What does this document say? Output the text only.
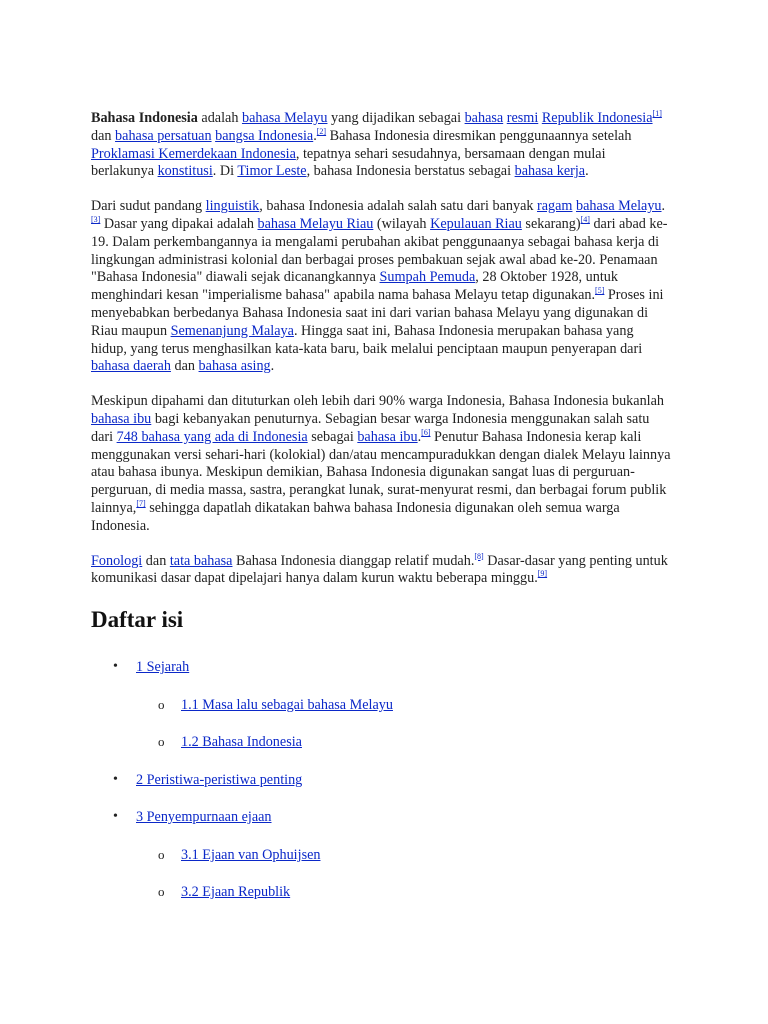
Bahasa Indonesia adalah bahasa Melayu yang dijadikan sebagai bahasa resmi Republik Indonesia[1] dan bahasa persatuan bangsa Indonesia.[2] Bahasa Indonesia diresmikan penggunaannya setelah Proklamasi Kemerdekaan Indonesia, tepatnya sehari sesudahnya, bersamaan dengan mulai berlakunya konstitusi. Di Timor Leste, bahasa Indonesia berstatus sebagai bahasa kerja.

Dari sudut pandang linguistik, bahasa Indonesia adalah salah satu dari banyak ragam bahasa Melayu.[3] Dasar yang dipakai adalah bahasa Melayu Riau (wilayah Kepulauan Riau sekarang)[4] dari abad ke-19. Dalam perkembangannya ia mengalami perubahan akibat penggunaanya sebagai bahasa kerja di lingkungan administrasi kolonial dan berbagai proses pembakuan sejak awal abad ke-20. Penamaan "Bahasa Indonesia" diawali sejak dicanangkannya Sumpah Pemuda, 28 Oktober 1928, untuk menghindari kesan "imperialisme bahasa" apabila nama bahasa Melayu tetap digunakan.[5] Proses ini menyebabkan berbedanya Bahasa Indonesia saat ini dari varian bahasa Melayu yang digunakan di Riau maupun Semenanjung Malaya. Hingga saat ini, Bahasa Indonesia merupakan bahasa yang hidup, yang terus menghasilkan kata-kata baru, baik melalui penciptaan maupun penyerapan dari bahasa daerah dan bahasa asing.

Meskipun dipahami dan dituturkan oleh lebih dari 90% warga Indonesia, Bahasa Indonesia bukanlah bahasa ibu bagi kebanyakan penuturnya. Sebagian besar warga Indonesia menggunakan salah satu dari 748 bahasa yang ada di Indonesia sebagai bahasa ibu.[6] Penutur Bahasa Indonesia kerap kali menggunakan versi sehari-hari (kolokial) dan/atau mencampuradukkan dengan dialek Melayu lainnya atau bahasa ibunya. Meskipun demikian, Bahasa Indonesia digunakan sangat luas di perguruan-perguruan, di media massa, sastra, perangkat lunak, surat-menyurat resmi, dan berbagai forum publik lainnya,[7] sehingga dapatlah dikatakan bahwa bahasa Indonesia digunakan oleh semua warga Indonesia.

Fonologi dan tata bahasa Bahasa Indonesia dianggap relatif mudah.[8] Dasar-dasar yang penting untuk komunikasi dasar dapat dipelajari hanya dalam kurun waktu beberapa minggu.[9]

Daftar isi
• 1 Sejarah
o 1.1 Masa lalu sebagai bahasa Melayu
o 1.2 Bahasa Indonesia
• 2 Peristiwa-peristiwa penting
• 3 Penyempurnaan ejaan
o 3.1 Ejaan van Ophuijsen
o 3.2 Ejaan Republik
